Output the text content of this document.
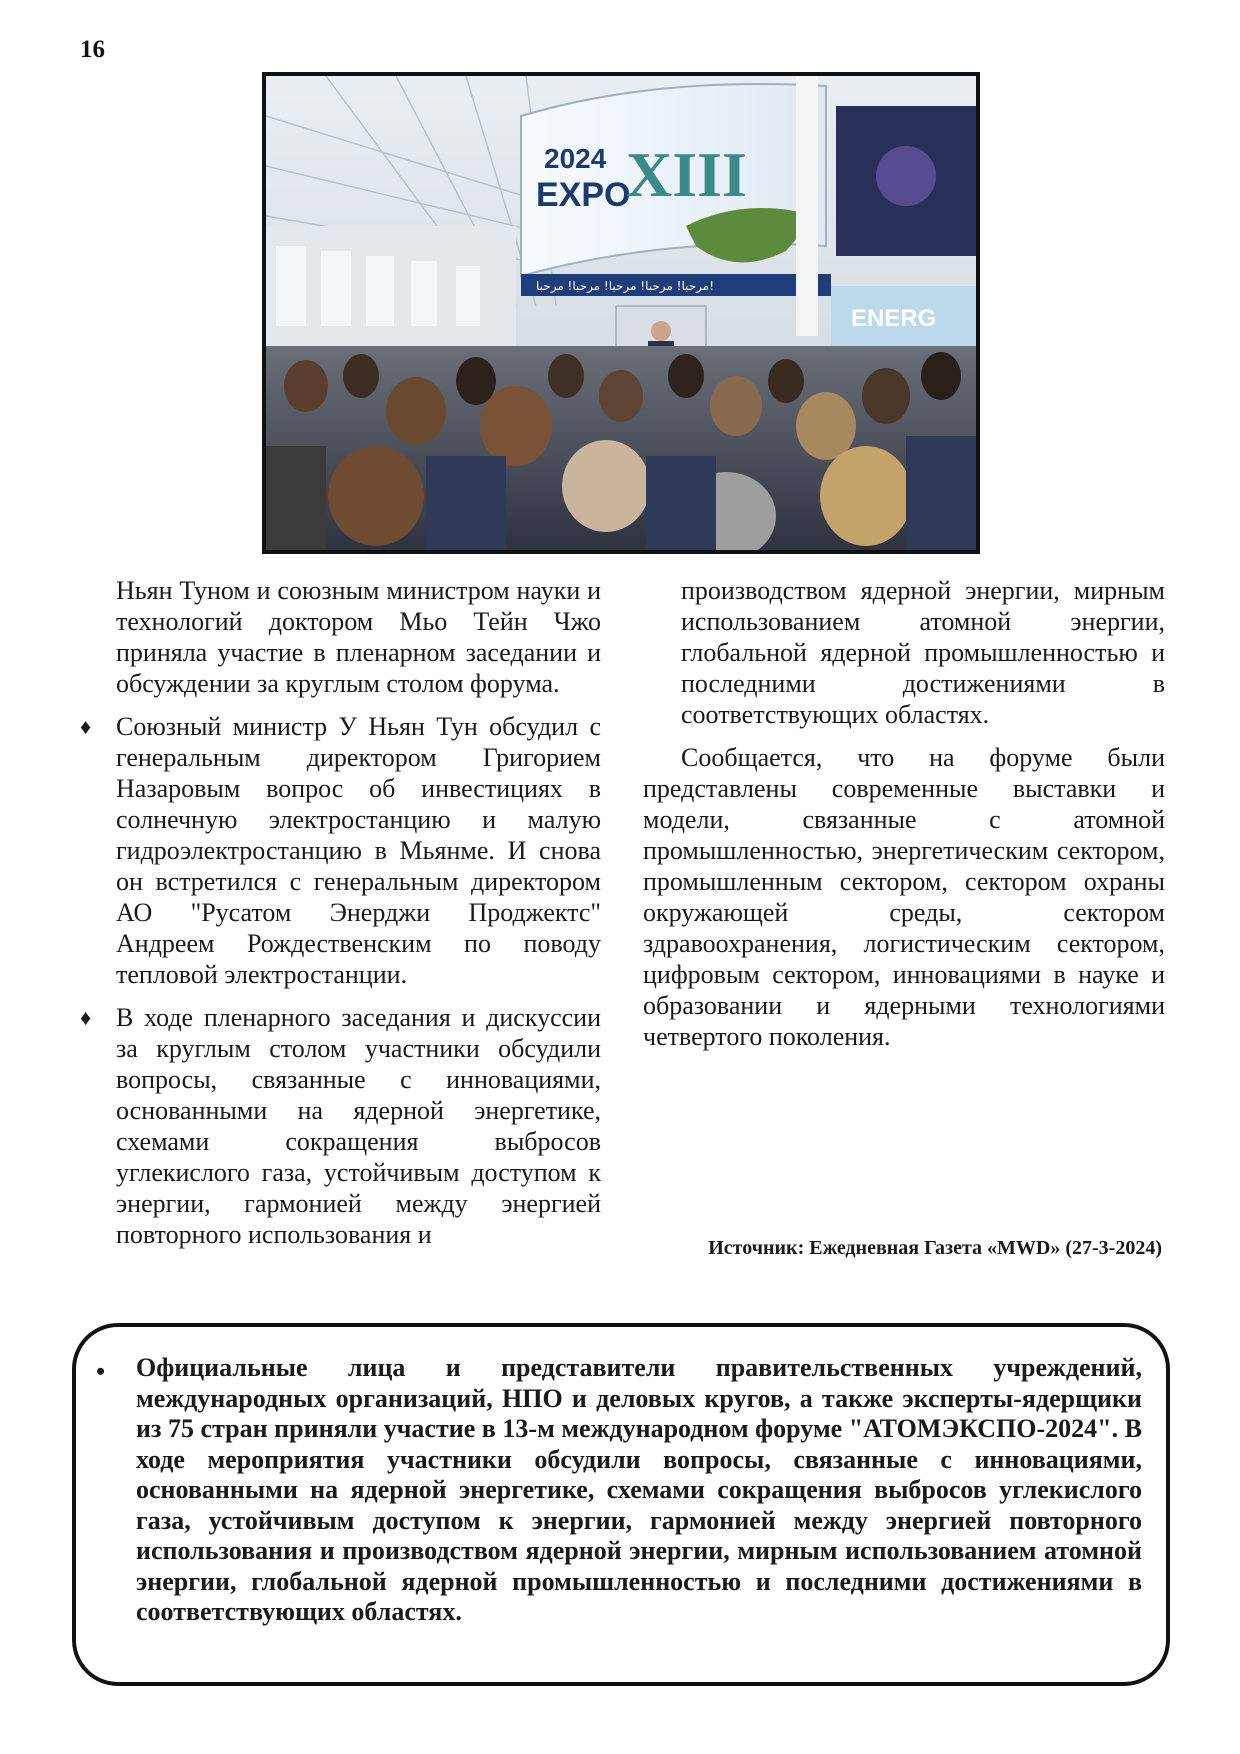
16
2024
EXPO
XIII
مرحبا! مرحبا! مرحبا! مرحبا! مرحبا!
ENERG

Ньян Туном и союзным министром науки и технологий доктором Мьо Тейн Чжо приняла участие в пленарном заседании и обсуждении за круглым столом форума.

♦ Союзный министр У Ньян Тун обсудил с генеральным директором Григорием Назаровым вопрос об инвестициях в солнечную электростанцию и малую гидроэлектростанцию в Мьянме. И снова он встретился с генеральным директором АО "Русатом Энерджи Проджектс" Андреем Рождественским по поводу тепловой электростанции.

♦ В ходе пленарного заседания и дискуссии за круглым столом участники обсудили вопросы, связанные с инновациями, основанными на ядерной энергетике, схемами сокращения выбросов углекислого газа, устойчивым доступом к энергии, гармонией между энергией повторного использования и

производством ядерной энергии, мирным использованием атомной энергии, глобальной ядерной промышленностью и последними достижениями в соответствующих областях.

Сообщается, что на форуме были представлены современные выставки и модели, связанные с атомной промышленностью, энергетическим сектором, промышленным сектором, сектором охраны окружающей среды, сектором здравоохранения, логистическим сектором, цифровым сектором, инновациями в науке и образовании и ядерными технологиями четвертого поколения.

Источник: Ежедневная Газета «MWD» (27-3-2024)
• Официальные лица и представители правительственных учреждений, международных организаций, НПО и деловых кругов, а также эксперты-ядерщики из 75 стран приняли участие в 13-м международном форуме "АТОМЭКСПО-2024". В ходе мероприятия участники обсудили вопросы, связанные с инновациями, основанными на ядерной энергетике, схемами сокращения выбросов углекислого газа, устойчивым доступом к энергии, гармонией между энергией повторного использования и производством ядерной энергии, мирным использованием атомной энергии, глобальной ядерной промышленностью и последними достижениями в соответствующих областях.
